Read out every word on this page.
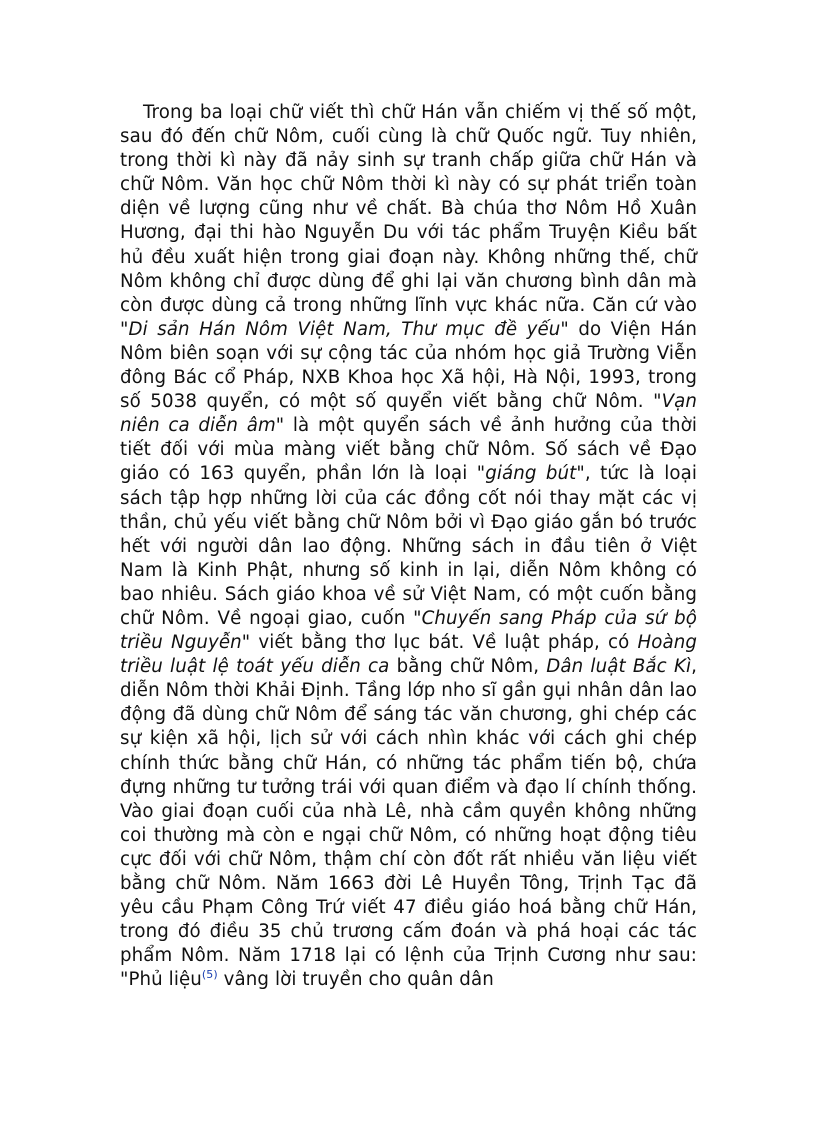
Trong ba loại chữ viết thì chữ Hán vẫn chiếm vị thế số một, sau đó đến chữ Nôm, cuối cùng là chữ Quốc ngữ. Tuy nhiên, trong thời kì này đã nảy sinh sự tranh chấp giữa chữ Hán và chữ Nôm. Văn học chữ Nôm thời kì này có sự phát triển toàn diện về lượng cũng như về chất. Bà chúa thơ Nôm Hồ Xuân Hương, đại thi hào Nguyễn Du với tác phẩm Truyện Kiều bất hủ đều xuất hiện trong giai đoạn này. Không những thế, chữ Nôm không chỉ được dùng để ghi lại văn chương bình dân mà còn được dùng cả trong những lĩnh vực khác nữa. Căn cứ vào "Di sản Hán Nôm Việt Nam, Thư mục đề yếu" do Viện Hán Nôm biên soạn với sự cộng tác của nhóm học giả Trường Viễn đông Bác cổ Pháp, NXB Khoa học Xã hội, Hà Nội, 1993, trong số 5038 quyển, có một số quyển viết bằng chữ Nôm. "Vạn niên ca diễn âm" là một quyển sách về ảnh hưởng của thời tiết đối với mùa màng viết bằng chữ Nôm. Số sách về Đạo giáo có 163 quyển, phần lớn là loại "giáng bút", tức là loại sách tập hợp những lời của các đồng cốt nói thay mặt các vị thần, chủ yếu viết bằng chữ Nôm bởi vì Đạo giáo gắn bó trước hết với người dân lao động. Những sách in đầu tiên ở Việt Nam là Kinh Phật, nhưng số kinh in lại, diễn Nôm không có bao nhiêu. Sách giáo khoa về sử Việt Nam, có một cuốn bằng chữ Nôm. Về ngoại giao, cuốn "Chuyến sang Pháp của sứ bộ triều Nguyễn" viết bằng thơ lục bát. Về luật pháp, có Hoàng triều luật lệ toát yếu diễn ca bằng chữ Nôm, Dân luật Bắc Kì, diễn Nôm thời Khải Định. Tầng lớp nho sĩ gần gụi nhân dân lao động đã dùng chữ Nôm để sáng tác văn chương, ghi chép các sự kiện xã hội, lịch sử với cách nhìn khác với cách ghi chép chính thức bằng chữ Hán, có những tác phẩm tiến bộ, chứa đựng những tư tưởng trái với quan điểm và đạo lí chính thống. Vào giai đoạn cuối của nhà Lê, nhà cầm quyền không những coi thường mà còn e ngại chữ Nôm, có những hoạt động tiêu cực đối với chữ Nôm, thậm chí còn đốt rất nhiều văn liệu viết bằng chữ Nôm. Năm 1663 đời Lê Huyền Tông, Trịnh Tạc đã yêu cầu Phạm Công Trứ viết 47 điều giáo hoá bằng chữ Hán, trong đó điều 35 chủ trương cấm đoán và phá hoại các tác phẩm Nôm. Năm 1718 lại có lệnh của Trịnh Cương như sau: "Phủ liệu$^{(5)}$ vâng lời truyền cho quân dân
